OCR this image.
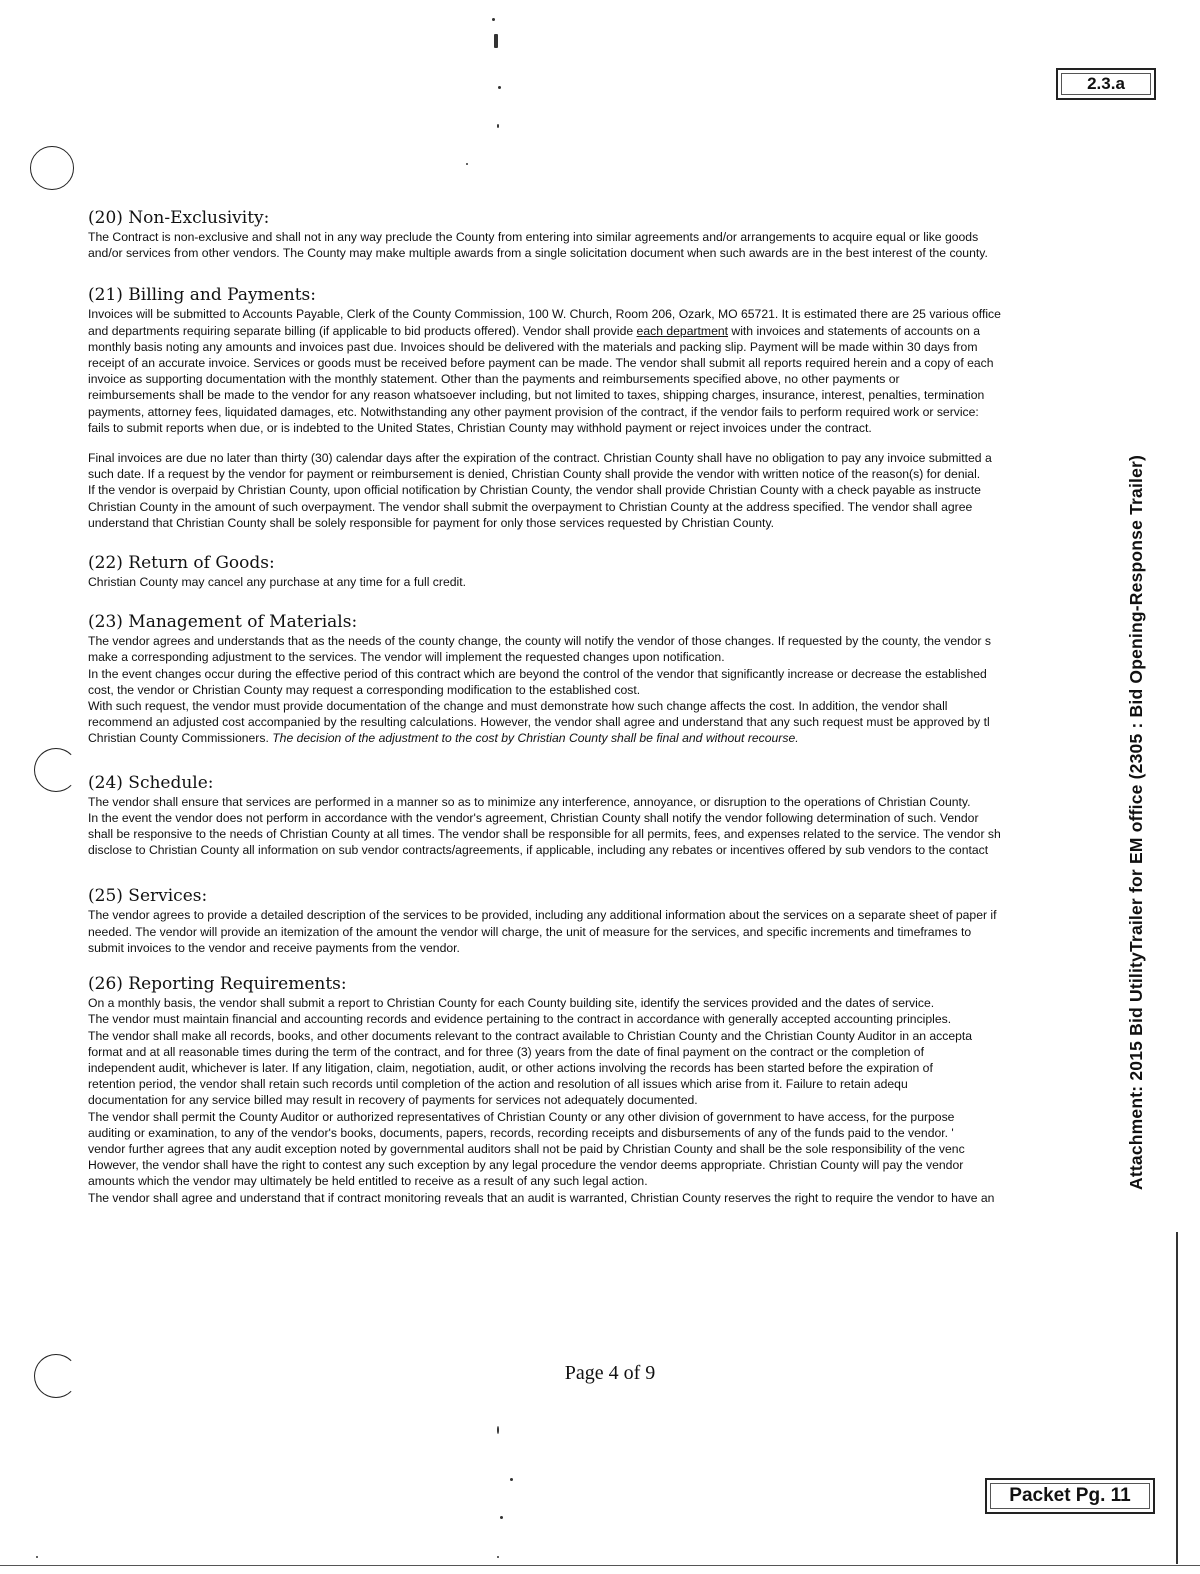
2.3.a
(20) Non-Exclusivity:
The Contract is non-exclusive and shall not in any way preclude the County from entering into similar agreements and/or arrangements to acquire equal or like goods
and/or services from other vendors. The County may make multiple awards from a single solicitation document when such awards are in the best interest of the county.
(21) Billing and Payments:
Invoices will be submitted to Accounts Payable, Clerk of the County Commission, 100 W. Church, Room 206, Ozark, MO 65721. It is estimated there are 25 various office
and departments requiring separate billing (if applicable to bid products offered). Vendor shall provide each department with invoices and statements of accounts on a
monthly basis noting any amounts and invoices past due. Invoices should be delivered with the materials and packing slip. Payment will be made within 30 days from
receipt of an accurate invoice. Services or goods must be received before payment can be made. The vendor shall submit all reports required herein and a copy of each
invoice as supporting documentation with the monthly statement. Other than the payments and reimbursements specified above, no other payments or
reimbursements shall be made to the vendor for any reason whatsoever including, but not limited to taxes, shipping charges, insurance, interest, penalties, termination
payments, attorney fees, liquidated damages, etc. Notwithstanding any other payment provision of the contract, if the vendor fails to perform required work or service:
fails to submit reports when due, or is indebted to the United States, Christian County may withhold payment or reject invoices under the contract.
Final invoices are due no later than thirty (30) calendar days after the expiration of the contract. Christian County shall have no obligation to pay any invoice submitted a
such date. If a request by the vendor for payment or reimbursement is denied, Christian County shall provide the vendor with written notice of the reason(s) for denial.
If the vendor is overpaid by Christian County, upon official notification by Christian County, the vendor shall provide Christian County with a check payable as instructe
Christian County in the amount of such overpayment. The vendor shall submit the overpayment to Christian County at the address specified. The vendor shall agree
understand that Christian County shall be solely responsible for payment for only those services requested by Christian County.
(22) Return of Goods:
Christian County may cancel any purchase at any time for a full credit.
(23) Management of Materials:
The vendor agrees and understands that as the needs of the county change, the county will notify the vendor of those changes. If requested by the county, the vendor s
make a corresponding adjustment to the services. The vendor will implement the requested changes upon notification.
In the event changes occur during the effective period of this contract which are beyond the control of the vendor that significantly increase or decrease the established
cost, the vendor or Christian County may request a corresponding modification to the established cost.
With such request, the vendor must provide documentation of the change and must demonstrate how such change affects the cost. In addition, the vendor shall
recommend an adjusted cost accompanied by the resulting calculations. However, the vendor shall agree and understand that any such request must be approved by tl
Christian County Commissioners. The decision of the adjustment to the cost by Christian County shall be final and without recourse.
(24) Schedule:
The vendor shall ensure that services are performed in a manner so as to minimize any interference, annoyance, or disruption to the operations of Christian County.
In the event the vendor does not perform in accordance with the vendor's agreement, Christian County shall notify the vendor following determination of such. Vendor
shall be responsive to the needs of Christian County at all times. The vendor shall be responsible for all permits, fees, and expenses related to the service. The vendor sh
disclose to Christian County all information on sub vendor contracts/agreements, if applicable, including any rebates or incentives offered by sub vendors to the contact
(25) Services:
The vendor agrees to provide a detailed description of the services to be provided, including any additional information about the services on a separate sheet of paper if
needed. The vendor will provide an itemization of the amount the vendor will charge, the unit of measure for the services, and specific increments and timeframes to
submit invoices to the vendor and receive payments from the vendor.
(26) Reporting Requirements:
On a monthly basis, the vendor shall submit a report to Christian County for each County building site, identify the services provided and the dates of service.
The vendor must maintain financial and accounting records and evidence pertaining to the contract in accordance with generally accepted accounting principles.
The vendor shall make all records, books, and other documents relevant to the contract available to Christian County and the Christian County Auditor in an accepta
format and at all reasonable times during the term of the contract, and for three (3) years from the date of final payment on the contract or the completion of
independent audit, whichever is later. If any litigation, claim, negotiation, audit, or other actions involving the records has been started before the expiration of
retention period, the vendor shall retain such records until completion of the action and resolution of all issues which arise from it. Failure to retain adequ
documentation for any service billed may result in recovery of payments for services not adequately documented.
The vendor shall permit the County Auditor or authorized representatives of Christian County or any other division of government to have access, for the purpose
auditing or examination, to any of the vendor's books, documents, papers, records, recording receipts and disbursements of any of the funds paid to the vendor. '
vendor further agrees that any audit exception noted by governmental auditors shall not be paid by Christian County and shall be the sole responsibility of the venc
However, the vendor shall have the right to contest any such exception by any legal procedure the vendor deems appropriate. Christian County will pay the vendor
amounts which the vendor may ultimately be held entitled to receive as a result of any such legal action.
The vendor shall agree and understand that if contract monitoring reveals that an audit is warranted, Christian County reserves the right to require the vendor to have an
Page 4 of 9
Attachment: 2015 Bid UtilityTrailer for EM office (2305 : Bid Opening-Response Trailer)
Packet Pg. 11
